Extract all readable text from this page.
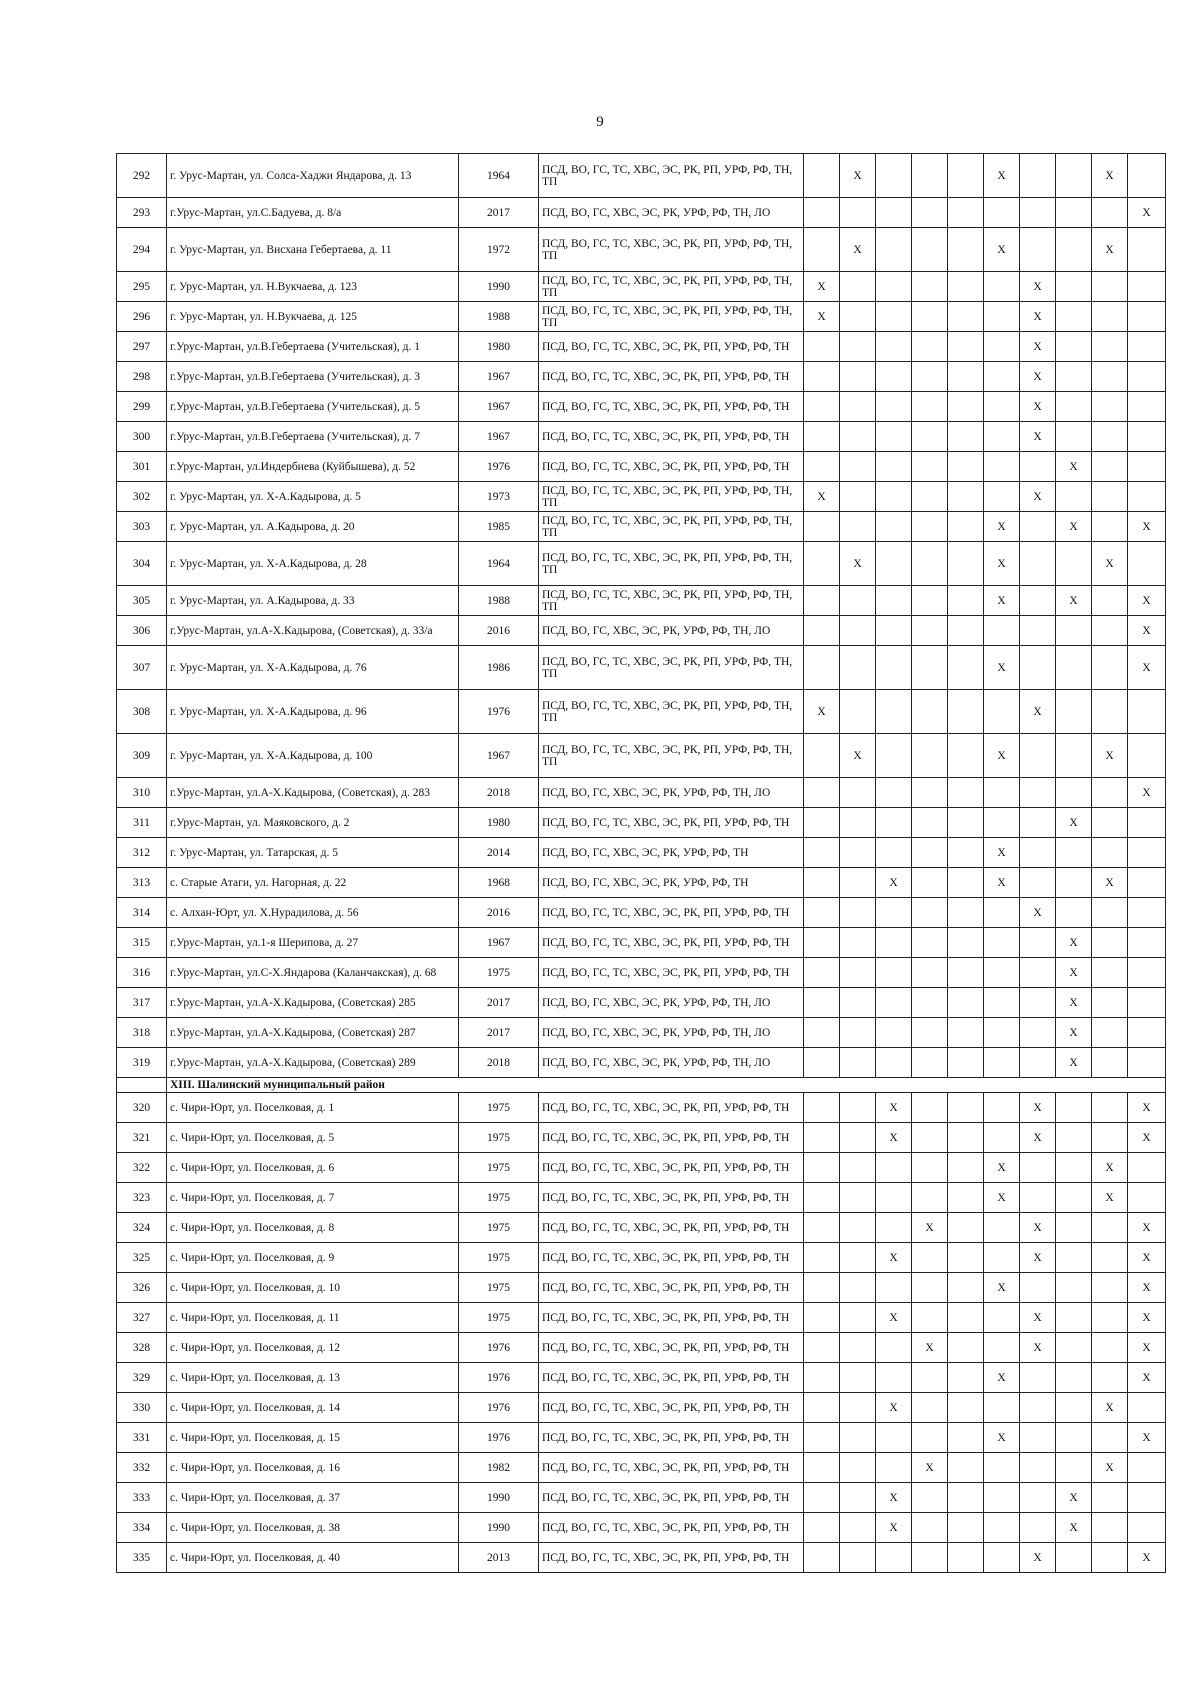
9
292	г. Урус-Мартан, ул. Солса-Хаджи Яндарова, д. 13	1964	ПСД, ВО, ГС, ТС, ХВС, ЭС, РК, РП, УРФ, РФ, ТН, ТП		Х				Х			Х	
293	г.Урус-Мартан, ул.С.Бадуева, д. 8/а	2017	ПСД, ВО, ГС, ХВС, ЭС, РК, УРФ, РФ, ТН, ЛО										Х
294	г. Урус-Мартан, ул. Висхана Гебертаева, д. 11	1972	ПСД, ВО, ГС, ТС, ХВС, ЭС, РК, РП, УРФ, РФ, ТН, ТП		Х				Х			Х	
295	г. Урус-Мартан, ул. Н.Вукчаева, д. 123	1990	ПСД, ВО, ГС, ТС, ХВС, ЭС, РК, РП, УРФ, РФ, ТН, ТП	Х						Х			
296	г. Урус-Мартан, ул. Н.Вукчаева, д. 125	1988	ПСД, ВО, ГС, ТС, ХВС, ЭС, РК, РП, УРФ, РФ, ТН, ТП	Х						Х			
297	г.Урус-Мартан, ул.В.Гебертаева (Учительская), д. 1	1980	ПСД, ВО, ГС, ТС, ХВС, ЭС, РК, РП, УРФ, РФ, ТН							Х			
298	г.Урус-Мартан, ул.В.Гебертаева (Учительская), д. 3	1967	ПСД, ВО, ГС, ТС, ХВС, ЭС, РК, РП, УРФ, РФ, ТН							Х			
299	г.Урус-Мартан, ул.В.Гебертаева (Учительская), д. 5	1967	ПСД, ВО, ГС, ТС, ХВС, ЭС, РК, РП, УРФ, РФ, ТН							Х			
300	г.Урус-Мартан, ул.В.Гебертаева (Учительская), д. 7	1967	ПСД, ВО, ГС, ТС, ХВС, ЭС, РК, РП, УРФ, РФ, ТН							Х			
301	г.Урус-Мартан, ул.Индербиева (Куйбышева), д. 52	1976	ПСД, ВО, ГС, ТС, ХВС, ЭС, РК, РП, УРФ, РФ, ТН								Х		
302	г. Урус-Мартан, ул. Х-А.Кадырова, д. 5	1973	ПСД, ВО, ГС, ТС, ХВС, ЭС, РК, РП, УРФ, РФ, ТН, ТП	Х						Х			
303	г. Урус-Мартан, ул. А.Кадырова, д. 20	1985	ПСД, ВО, ГС, ТС, ХВС, ЭС, РК, РП, УРФ, РФ, ТН, ТП						Х		Х		Х
304	г. Урус-Мартан, ул. Х-А.Кадырова, д. 28	1964	ПСД, ВО, ГС, ТС, ХВС, ЭС, РК, РП, УРФ, РФ, ТН, ТП		Х				Х			Х	
305	г. Урус-Мартан, ул. А.Кадырова, д. 33	1988	ПСД, ВО, ГС, ТС, ХВС, ЭС, РК, РП, УРФ, РФ, ТН, ТП						Х		Х		Х
306	г.Урус-Мартан, ул.А-Х.Кадырова, (Советская), д. 33/а	2016	ПСД, ВО, ГС, ХВС, ЭС, РК, УРФ, РФ, ТН, ЛО										Х
307	г. Урус-Мартан, ул. Х-А.Кадырова, д. 76	1986	ПСД, ВО, ГС, ТС, ХВС, ЭС, РК, РП, УРФ, РФ, ТН, ТП						Х				Х
308	г. Урус-Мартан, ул. Х-А.Кадырова, д. 96	1976	ПСД, ВО, ГС, ТС, ХВС, ЭС, РК, РП, УРФ, РФ, ТН, ТП	Х						Х			
309	г. Урус-Мартан, ул. Х-А.Кадырова, д. 100	1967	ПСД, ВО, ГС, ТС, ХВС, ЭС, РК, РП, УРФ, РФ, ТН, ТП		Х				Х			Х	
310	г.Урус-Мартан, ул.А-Х.Кадырова, (Советская), д. 283	2018	ПСД, ВО, ГС, ХВС, ЭС, РК, УРФ, РФ, ТН, ЛО										Х
311	г.Урус-Мартан, ул. Маяковского, д. 2	1980	ПСД, ВО, ГС, ТС, ХВС, ЭС, РК, РП, УРФ, РФ, ТН								Х		
312	г. Урус-Мартан, ул. Татарская, д. 5	2014	ПСД, ВО, ГС, ХВС, ЭС, РК, УРФ, РФ, ТН						Х				
313	с. Старые Атаги, ул. Нагорная, д. 22	1968	ПСД, ВО, ГС, ХВС, ЭС, РК, УРФ, РФ, ТН			Х			Х			Х	
314	с. Алхан-Юрт, ул. Х.Нурадилова, д. 56	2016	ПСД, ВО, ГС, ТС, ХВС, ЭС, РК, РП, УРФ, РФ, ТН							Х			
315	г.Урус-Мартан, ул.1-я Шерипова, д. 27	1967	ПСД, ВО, ГС, ТС, ХВС, ЭС, РК, РП, УРФ, РФ, ТН								Х		
316	г.Урус-Мартан, ул.С-Х.Яндарова (Каланчакская), д. 68	1975	ПСД, ВО, ГС, ТС, ХВС, ЭС, РК, РП, УРФ, РФ, ТН								Х		
317	г.Урус-Мартан, ул.А-Х.Кадырова, (Советская) 285	2017	ПСД, ВО, ГС, ХВС, ЭС, РК, УРФ, РФ, ТН, ЛО								Х		
318	г.Урус-Мартан, ул.А-Х.Кадырова, (Советская) 287	2017	ПСД, ВО, ГС, ХВС, ЭС, РК, УРФ, РФ, ТН, ЛО								Х		
319	г.Урус-Мартан, ул.А-Х.Кадырова, (Советская) 289	2018	ПСД, ВО, ГС, ХВС, ЭС, РК, УРФ, РФ, ТН, ЛО								Х		
	XIII. Шалинский муниципальный район												
320	с. Чири-Юрт, ул. Поселковая, д. 1	1975	ПСД, ВО, ГС, ТС, ХВС, ЭС, РК, РП, УРФ, РФ, ТН			Х				Х			Х
321	с. Чири-Юрт, ул. Поселковая, д. 5	1975	ПСД, ВО, ГС, ТС, ХВС, ЭС, РК, РП, УРФ, РФ, ТН			Х				Х			Х
322	с. Чири-Юрт, ул. Поселковая, д. 6	1975	ПСД, ВО, ГС, ТС, ХВС, ЭС, РК, РП, УРФ, РФ, ТН						Х			Х	
323	с. Чири-Юрт, ул. Поселковая, д. 7	1975	ПСД, ВО, ГС, ТС, ХВС, ЭС, РК, РП, УРФ, РФ, ТН						Х			Х	
324	с. Чири-Юрт, ул. Поселковая, д. 8	1975	ПСД, ВО, ГС, ТС, ХВС, ЭС, РК, РП, УРФ, РФ, ТН				Х			Х			Х
325	с. Чири-Юрт, ул. Поселковая, д. 9	1975	ПСД, ВО, ГС, ТС, ХВС, ЭС, РК, РП, УРФ, РФ, ТН			Х				Х			Х
326	с. Чири-Юрт, ул. Поселковая, д. 10	1975	ПСД, ВО, ГС, ТС, ХВС, ЭС, РК, РП, УРФ, РФ, ТН						Х				Х
327	с. Чири-Юрт, ул. Поселковая, д. 11	1975	ПСД, ВО, ГС, ТС, ХВС, ЭС, РК, РП, УРФ, РФ, ТН			Х				Х			Х
328	с. Чири-Юрт, ул. Поселковая, д. 12	1976	ПСД, ВО, ГС, ТС, ХВС, ЭС, РК, РП, УРФ, РФ, ТН				Х			Х			Х
329	с. Чири-Юрт, ул. Поселковая, д. 13	1976	ПСД, ВО, ГС, ТС, ХВС, ЭС, РК, РП, УРФ, РФ, ТН						Х				Х
330	с. Чири-Юрт, ул. Поселковая, д. 14	1976	ПСД, ВО, ГС, ТС, ХВС, ЭС, РК, РП, УРФ, РФ, ТН			Х						Х	
331	с. Чири-Юрт, ул. Поселковая, д. 15	1976	ПСД, ВО, ГС, ТС, ХВС, ЭС, РК, РП, УРФ, РФ, ТН						Х				Х
332	с. Чири-Юрт, ул. Поселковая, д. 16	1982	ПСД, ВО, ГС, ТС, ХВС, ЭС, РК, РП, УРФ, РФ, ТН				Х					Х	
333	с. Чири-Юрт, ул. Поселковая, д. 37	1990	ПСД, ВО, ГС, ТС, ХВС, ЭС, РК, РП, УРФ, РФ, ТН			Х					Х		
334	с. Чири-Юрт, ул. Поселковая, д. 38	1990	ПСД, ВО, ГС, ТС, ХВС, ЭС, РК, РП, УРФ, РФ, ТН			Х					Х		
335	с. Чири-Юрт, ул. Поселковая, д. 40	2013	ПСД, ВО, ГС, ТС, ХВС, ЭС, РК, РП, УРФ, РФ, ТН							Х			Х
